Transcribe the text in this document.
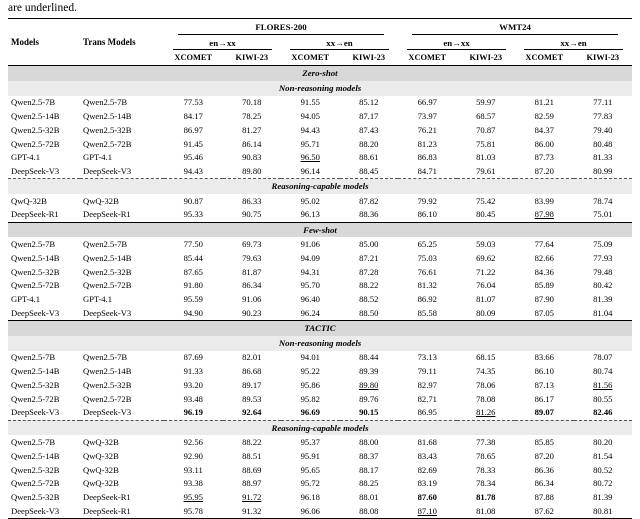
are underlined.

Models	Trans Models	FLORES-200				WMT24			

		en→xx		xx→en		en→xx		xx→en	

		XCOMET	KIWI-23	XCOMET	KIWI-23	XCOMET	KIWI-23	XCOMET	KIWI-23
Zero-shot									
Non-reasoning models									
Qwen2.5-7B	Qwen2.5-7B	77.53	70.18	91.55	85.12	66.97	59.97	81.21	77.11
Qwen2.5-14B	Qwen2.5-14B	84.17	78.25	94.05	87.17	73.97	68.57	82.59	77.83
Qwen2.5-32B	Qwen2.5-32B	86.97	81.27	94.43	87.43	76.21	70.87	84.37	79.40
Qwen2.5-72B	Qwen2.5-72B	91.45	86.14	95.71	88.20	81.23	75.81	86.00	80.48
GPT-4.1	GPT-4.1	95.46	90.83	96.50	88.61	86.83	81.03	87.73	81.33
DeepSeek-V3	DeepSeek-V3	94.43	89.80	96.14	88.45	84.71	79.61	87.20	80.99
Reasoning-capable models									
QwQ-32B	QwQ-32B	90.87	86.33	95.02	87.82	79.92	75.42	83.99	78.74
DeepSeek-R1	DeepSeek-R1	95.33	90.75	96.13	88.36	86.10	80.45	87.98	75.01
Few-shot									
Qwen2.5-7B	Qwen2.5-7B	77.50	69.73	91.06	85.00	65.25	59.03	77.64	75.09
Qwen2.5-14B	Qwen2.5-14B	85.44	79.63	94.09	87.21	75.03	69.62	82.66	77.93
Qwen2.5-32B	Qwen2.5-32B	87.65	81.87	94.31	87.28	76.61	71.22	84.36	79.48
Qwen2.5-72B	Qwen2.5-72B	91.80	86.34	95.70	88.22	81.32	76.04	85.89	80.42
GPT-4.1	GPT-4.1	95.59	91.06	96.40	88.52	86.92	81.07	87.90	81.39
DeepSeek-V3	DeepSeek-V3	94.90	90.23	96.24	88.50	85.58	80.09	87.05	81.04
TACTIC									
Non-reasoning models									
Qwen2.5-7B	Qwen2.5-7B	87.69	82.01	94.01	88.44	73.13	68.15	83.66	78.07
Qwen2.5-14B	Qwen2.5-14B	91.33	86.68	95.22	89.39	79.11	74.35	86.10	80.74
Qwen2.5-32B	Qwen2.5-32B	93.20	89.17	95.86	89.80	82.97	78.06	87.13	81.56
Qwen2.5-72B	Qwen2.5-72B	93.48	89.53	95.82	89.76	82.71	78.08	86.17	80.55
DeepSeek-V3	DeepSeek-V3	96.19	92.64	96.69	90.15	86.95	81.26	89.07	82.46
Reasoning-capable models									
Qwen2.5-7B	QwQ-32B	92.56	88.22	95.37	88.00	81.68	77.38	85.85	80.20
Qwen2.5-14B	QwQ-32B	92.90	88.51	95.91	88.37	83.43	78.65	87.20	81.54
Qwen2.5-32B	QwQ-32B	93.11	88.69	95.65	88.17	82.69	78.33	86.36	80.52
Qwen2.5-72B	QwQ-32B	93.38	88.97	95.72	88.25	83.19	78.34	86.34	80.72
Qwen2.5-32B	DeepSeek-R1	95.95	91.72	96.18	88.01	87.60	81.78	87.88	81.39
DeepSeek-V3	DeepSeek-R1	95.78	91.32	96.06	88.08	87.10	81.08	87.62	80.81
